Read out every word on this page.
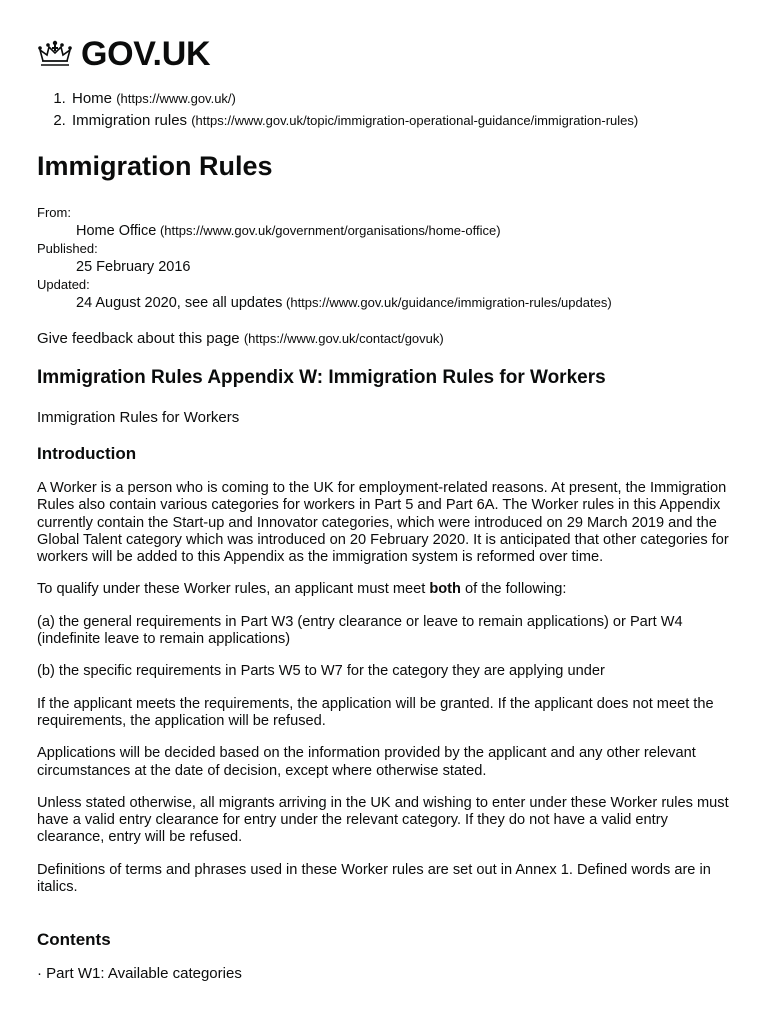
GOV.UK
1. Home (https://www.gov.uk/)
2. Immigration rules (https://www.gov.uk/topic/immigration-operational-guidance/immigration-rules)
Immigration Rules
From:
Home Office (https://www.gov.uk/government/organisations/home-office)
Published:
25 February 2016
Updated:
24 August 2020, see all updates (https://www.gov.uk/guidance/immigration-rules/updates)
Give feedback about this page (https://www.gov.uk/contact/govuk)
Immigration Rules Appendix W: Immigration Rules for Workers

Immigration Rules for Workers

Introduction

A Worker is a person who is coming to the UK for employment-related reasons. At present, the Immigration Rules also contain various categories for workers in Part 5 and Part 6A. The Worker rules in this Appendix currently contain the Start-up and Innovator categories, which were introduced on 29 March 2019 and the Global Talent category which was introduced on 20 February 2020. It is anticipated that other categories for workers will be added to this Appendix as the immigration system is reformed over time.

To qualify under these Worker rules, an applicant must meet both of the following:

(a) the general requirements in Part W3 (entry clearance or leave to remain applications) or Part W4 (indefinite leave to remain applications)

(b) the specific requirements in Parts W5 to W7 for the category they are applying under

If the applicant meets the requirements, the application will be granted. If the applicant does not meet the requirements, the application will be refused.

Applications will be decided based on the information provided by the applicant and any other relevant circumstances at the date of decision, except where otherwise stated.

Unless stated otherwise, all migrants arriving in the UK and wishing to enter under these Worker rules must have a valid entry clearance for entry under the relevant category. If they do not have a valid entry clearance, entry will be refused.

Definitions of terms and phrases used in these Worker rules are set out in Annex 1. Defined words are in italics.

Contents

· Part W1: Available categories
